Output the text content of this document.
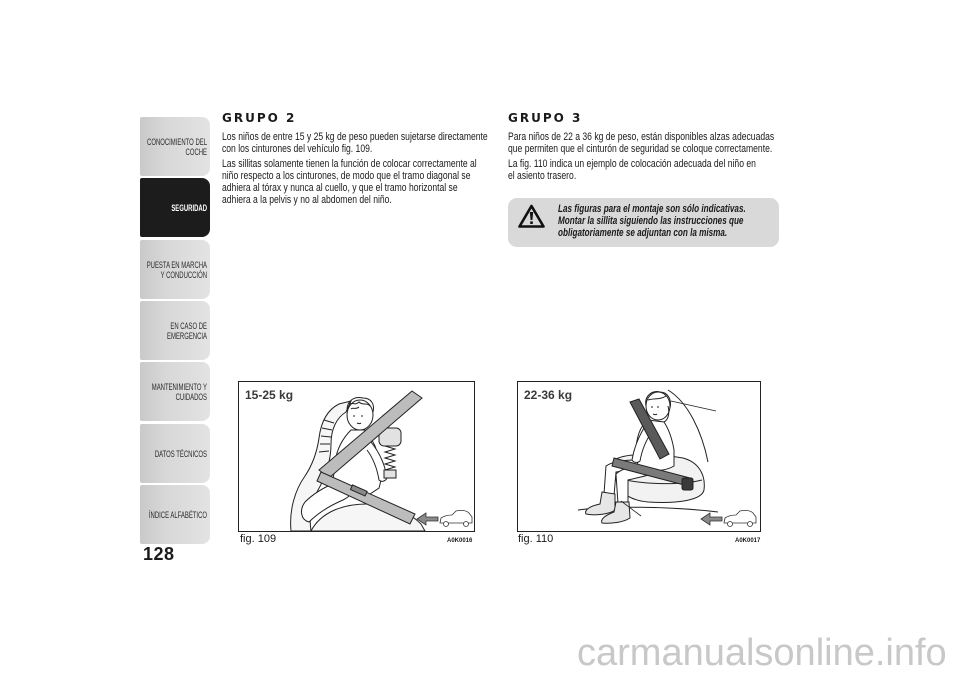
CONOCIMIENTO DEL
COCHE
SEGURIDAD
PUESTA EN MARCHA
Y CONDUCCIÓN
EN CASO DE
EMERGENCIA
MANTENIMIENTO Y
CUIDADOS
DATOS TÉCNICOS
ÍNDICE ALFABÉTICO
128
GRUPO 2
Los niños de entre 15 y 25 kg de peso pueden sujetarse directamente
con los cinturones del vehículo fig. 109.
Las sillitas solamente tienen la función de colocar correctamente al
niño respecto a los cinturones, de modo que el tramo diagonal se
adhiera al tórax y nunca al cuello, y que el tramo horizontal se
adhiera a la pelvis y no al abdomen del niño.
GRUPO 3
Para niños de 22 a 36 kg de peso, están disponibles alzas adecuadas
que permiten que el cinturón de seguridad se coloque correctamente.
La fig. 110 indica un ejemplo de colocación adecuada del niño en
el asiento trasero.
Las figuras para el montaje son sólo indicativas.
Montar la sillita siguiendo las instrucciones que
obligatoriamente se adjuntan con la misma.
15-25 kg
fig. 109	A0K0016
22-36 kg
fig. 110	A0K0017
carmanualsonline.info
